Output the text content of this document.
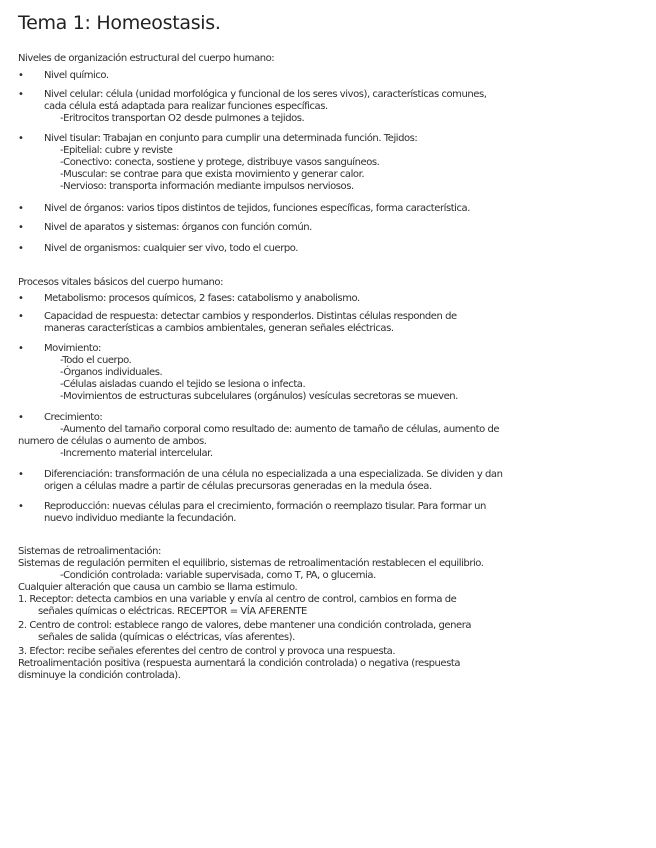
Tema 1: Homeostasis.
Niveles de organización estructural del cuerpo humano:
• Nivel químico.
• Nivel celular: célula (unidad morfológica y funcional de los seres vivos), características comunes,
cada célula está adaptada para realizar funciones específicas.
-Eritrocitos transportan O2 desde pulmones a tejidos.
• Nivel tisular: Trabajan en conjunto para cumplir una determinada función. Tejidos:
-Epitelial: cubre y reviste
-Conectivo: conecta, sostiene y protege, distribuye vasos sanguíneos.
-Muscular: se contrae para que exista movimiento y generar calor.
-Nervioso: transporta información mediante impulsos nerviosos.
• Nivel de órganos: varios tipos distintos de tejidos, funciones específicas, forma característica.
• Nivel de aparatos y sistemas: órganos con función común.
• Nivel de organismos: cualquier ser vivo, todo el cuerpo.
Procesos vitales básicos del cuerpo humano:
• Metabolismo: procesos químicos, 2 fases: catabolismo y anabolismo.
• Capacidad de respuesta: detectar cambios y responderlos. Distintas células responden de
maneras características a cambios ambientales, generan señales eléctricas.
• Movimiento:
-Todo el cuerpo.
-Órganos individuales.
-Células aisladas cuando el tejido se lesiona o infecta.
-Movimientos de estructuras subcelulares (orgánulos) vesículas secretoras se mueven.
• Crecimiento:
-Aumento del tamaño corporal como resultado de: aumento de tamaño de células, aumento de
numero de células o aumento de ambos.
-Incremento material intercelular.
• Diferenciación: transformación de una célula no especializada a una especializada. Se dividen y dan
origen a células madre a partir de células precursoras generadas en la medula ósea.
• Reproducción: nuevas células para el crecimiento, formación o reemplazo tisular. Para formar un
nuevo individuo mediante la fecundación.
Sistemas de retroalimentación:
Sistemas de regulación permiten el equilibrio, sistemas de retroalimentación restablecen el equilibrio.
-Condición controlada: variable supervisada, como T, PA, o glucemia.
Cualquier alteración que causa un cambio se llama estimulo.
1. Receptor: detecta cambios en una variable y envía al centro de control, cambios en forma de
señales químicas o eléctricas. RECEPTOR = VÍA AFERENTE
2. Centro de control: establece rango de valores, debe mantener una condición controlada, genera
señales de salida (químicas o eléctricas, vías aferentes).
3. Efector: recibe señales eferentes del centro de control y provoca una respuesta.
Retroalimentación positiva (respuesta aumentará la condición controlada) o negativa (respuesta
disminuye la condición controlada).
